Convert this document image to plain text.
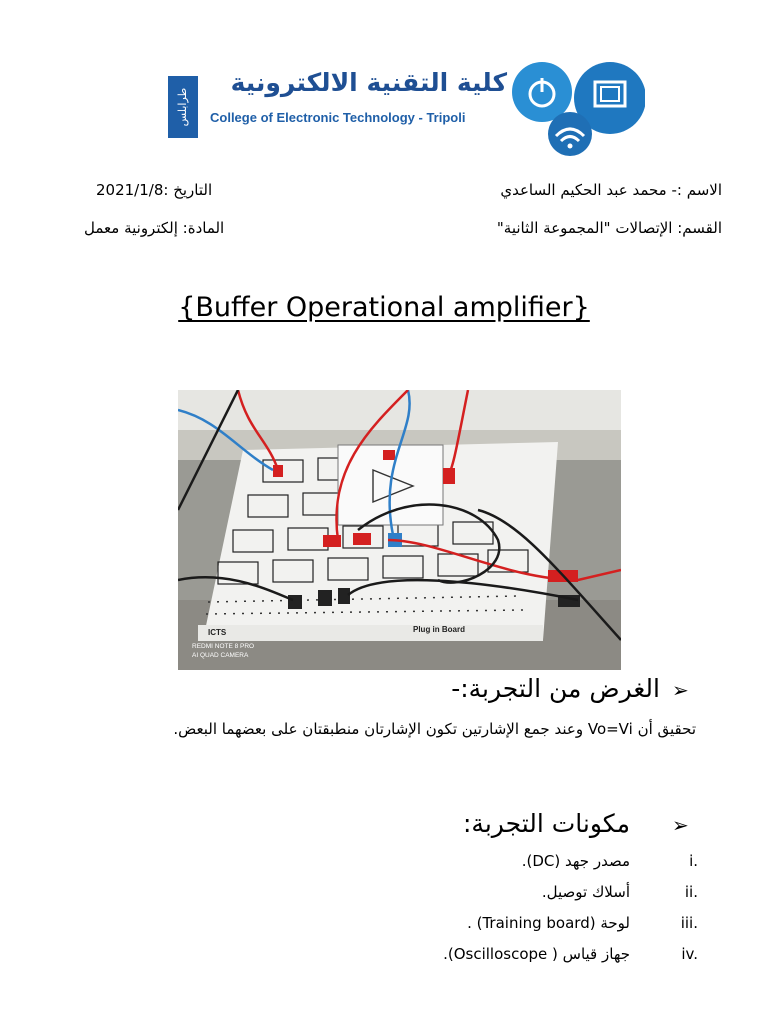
طرابلس
كلية التقنية الالكترونية
College of Electronic Technology - Tripoli
الاسم :- محمد عبد الحكيم الساعدي
التاريخ :2021/1/8
القسم: الإتصالات "المجموعة الثانية"
المادة: إلكترونية معمل
{Buffer Operational amplifier}
Plug in Board
ICTS
REDMI NOTE 8 PRO
AI QUAD CAMERA
➢
الغرض من التجربة:-
تحقيق أن Vo=Vi وعند جمع الإشارتين تكون الإشارتان منطبقتان على بعضهما البعض.
➢
مكونات التجربة:
i.
مصدر جهد (DC).
ii.
أسلاك توصيل.
iii.
لوحة (Training board) .
iv.
جهاز قياس ( Oscilloscope).
